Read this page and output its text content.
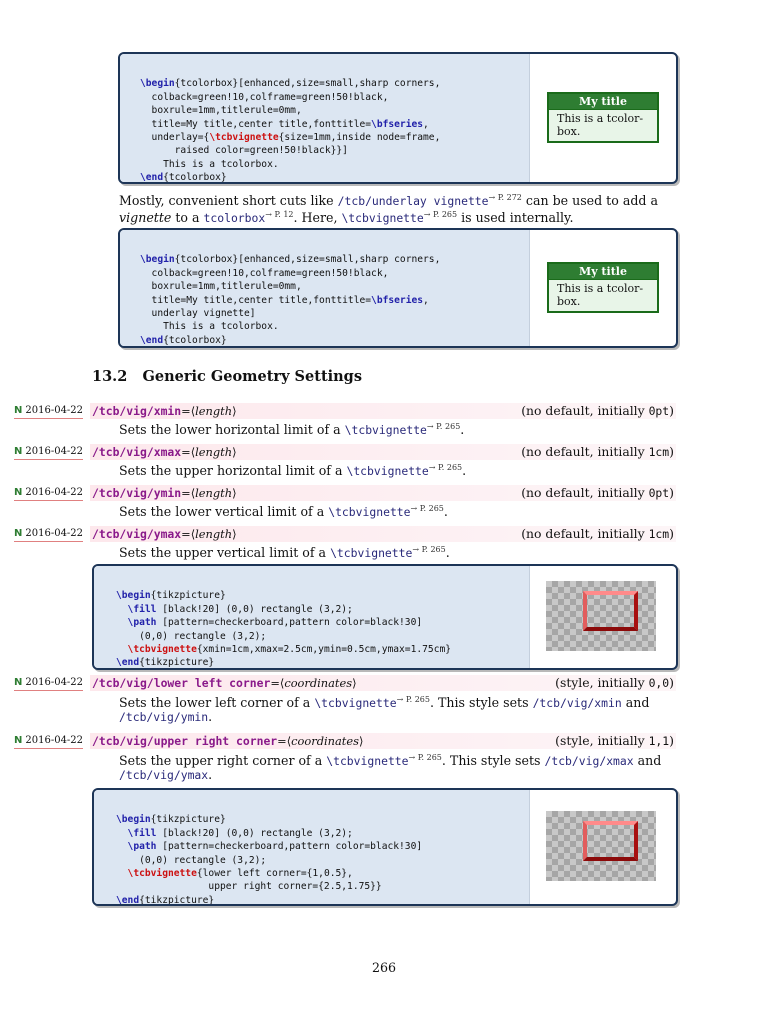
\begin{tcolorbox}[enhanced,size=small,sharp corners,
colback=green!10,colframe=green!50!black,
boxrule=1mm,titlerule=0mm,
title=My title,center title,fonttitle=\bfseries,
underlay={\tcbvignette{size=1mm,inside node=frame,
raised color=green!50!black}}]
This is a tcolorbox.
\end{tcolorbox}

My title
This is a tcolor-
box.
Mostly, convenient short cuts like /tcb/underlay vignette$^{\to P. 272}$ can be used to add a
vignette to a tcolorbox$^{\to P. 12}$. Here, \tcbvignette$^{\to P. 265}$ is used internally.

\begin{tcolorbox}[enhanced,size=small,sharp corners,
colback=green!10,colframe=green!50!black,
boxrule=1mm,titlerule=0mm,
title=My title,center title,fonttitle=\bfseries,
underlay vignette]
This is a tcolorbox.
\end{tcolorbox}

My title
This is a tcolor-
box.
13.2 Generic Geometry Settings
N 2016-04-22 /tcb/vig/xmin=⟨length⟩	(no default, initially 0pt)
Sets the lower horizontal limit of a \tcbvignette$^{\to P. 265}$.
N 2016-04-22 /tcb/vig/xmax=⟨length⟩	(no default, initially 1cm)
Sets the upper horizontal limit of a \tcbvignette$^{\to P. 265}$.
N 2016-04-22 /tcb/vig/ymin=⟨length⟩	(no default, initially 0pt)
Sets the lower vertical limit of a \tcbvignette$^{\to P. 265}$.
N 2016-04-22 /tcb/vig/ymax=⟨length⟩	(no default, initially 1cm)
Sets the upper vertical limit of a \tcbvignette$^{\to P. 265}$.

\begin{tikzpicture}
\fill [black!20] (0,0) rectangle (3,2);
\path [pattern=checkerboard,pattern color=black!30]
(0,0) rectangle (3,2);
\tcbvignette{xmin=1cm,xmax=2.5cm,ymin=0.5cm,ymax=1.75cm}
\end{tikzpicture}

N 2016-04-22 /tcb/vig/lower left corner=⟨coordinates⟩	(style, initially 0,0)
Sets the lower left corner of a \tcbvignette$^{\to P. 265}$. This style sets /tcb/vig/xmin and
/tcb/vig/ymin.
N 2016-04-22 /tcb/vig/upper right corner=⟨coordinates⟩	(style, initially 1,1)
Sets the upper right corner of a \tcbvignette$^{\to P. 265}$. This style sets /tcb/vig/xmax and
/tcb/vig/ymax.

\begin{tikzpicture}
\fill [black!20] (0,0) rectangle (3,2);
\path [pattern=checkerboard,pattern color=black!30]
(0,0) rectangle (3,2);
\tcbvignette{lower left corner={1,0.5},
upper right corner={2.5,1.75}}
\end{tikzpicture}

266
